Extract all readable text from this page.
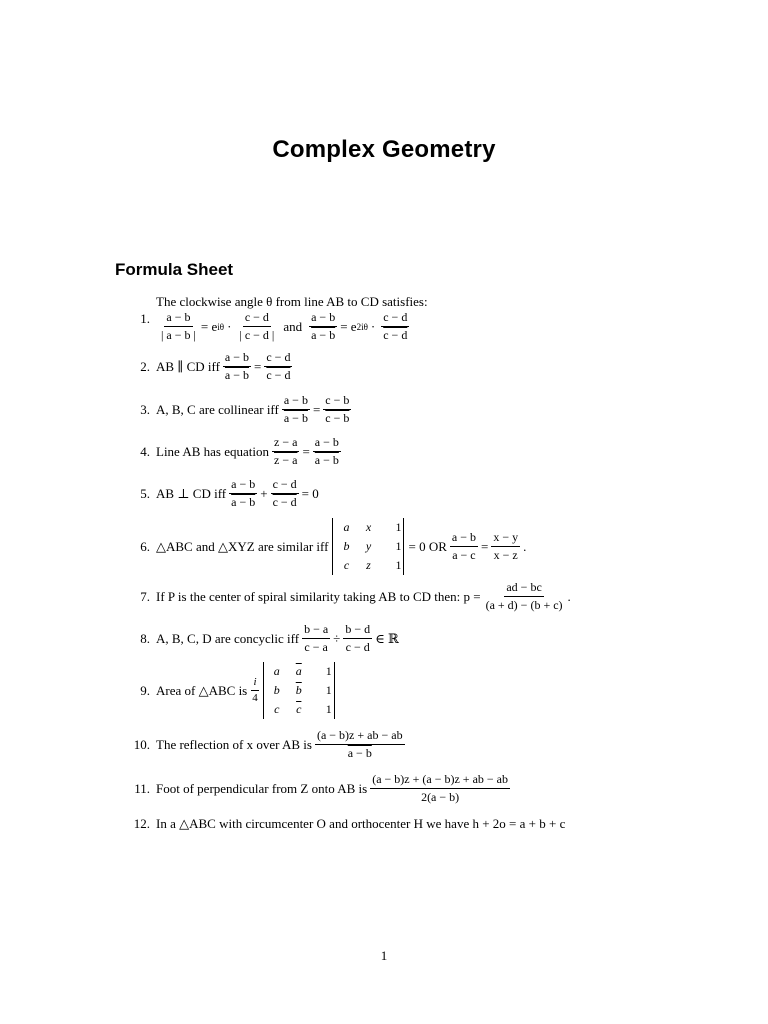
Complex Geometry
Formula Sheet
1.
The clockwise angle θ from line AB to CD satisfies:
$\frac{a - b}{| a - b |} = e$ $i\theta \cdot \frac{c - d}{| c - d |}$ and $\frac{a - b}{a - b} = e$ $2i\theta \cdot \frac{c - d}{c - d}$
2. AB ∥ CD iff $\frac{a - b}{a - b} = \frac{c - d}{c - d}$
3. A, B, C are collinear iff $\frac{a - b}{a - b} = \frac{c - b}{c - b}$
4. Line AB has equation $\frac{z - a}{z - a} = \frac{a - b}{a - b}$
5. AB ⊥ CD iff $\frac{a - b}{a - b} + \frac{c - d}{c - d} = 0$
6. △ABC and △XYZ are similar iff
a	x	1
b	y	1
c	z	1
= 0 OR $\frac{a - b}{a - c} = \frac{x - y}{x - z}$ .
7. If P is the center of spiral similarity taking AB to CD then: $p = \frac{ad - bc}{(a + d) - (b + c)}$ .
8. A, B, C, D are concyclic iff $\frac{b - a}{c - a} \div \frac{b - d}{c - d}$ ∈ ℝ
9. Area of △ABC is $\frac{i}{4}$
a	$\overline{a}$	1
b	$\overline{b}$	1
c	$\overline{c}$	1
10. The reflection of x over AB is $\frac{(a - b)z + ab - ab}{a - b}$
11. Foot of perpendicular from Z onto AB is $\frac{(a - b)z + (a - b)z + ab - ab}{2(a - b)}$
12. In a △ABC with circumcenter O and orthocenter H we have h + 2o = a + b + c
1
